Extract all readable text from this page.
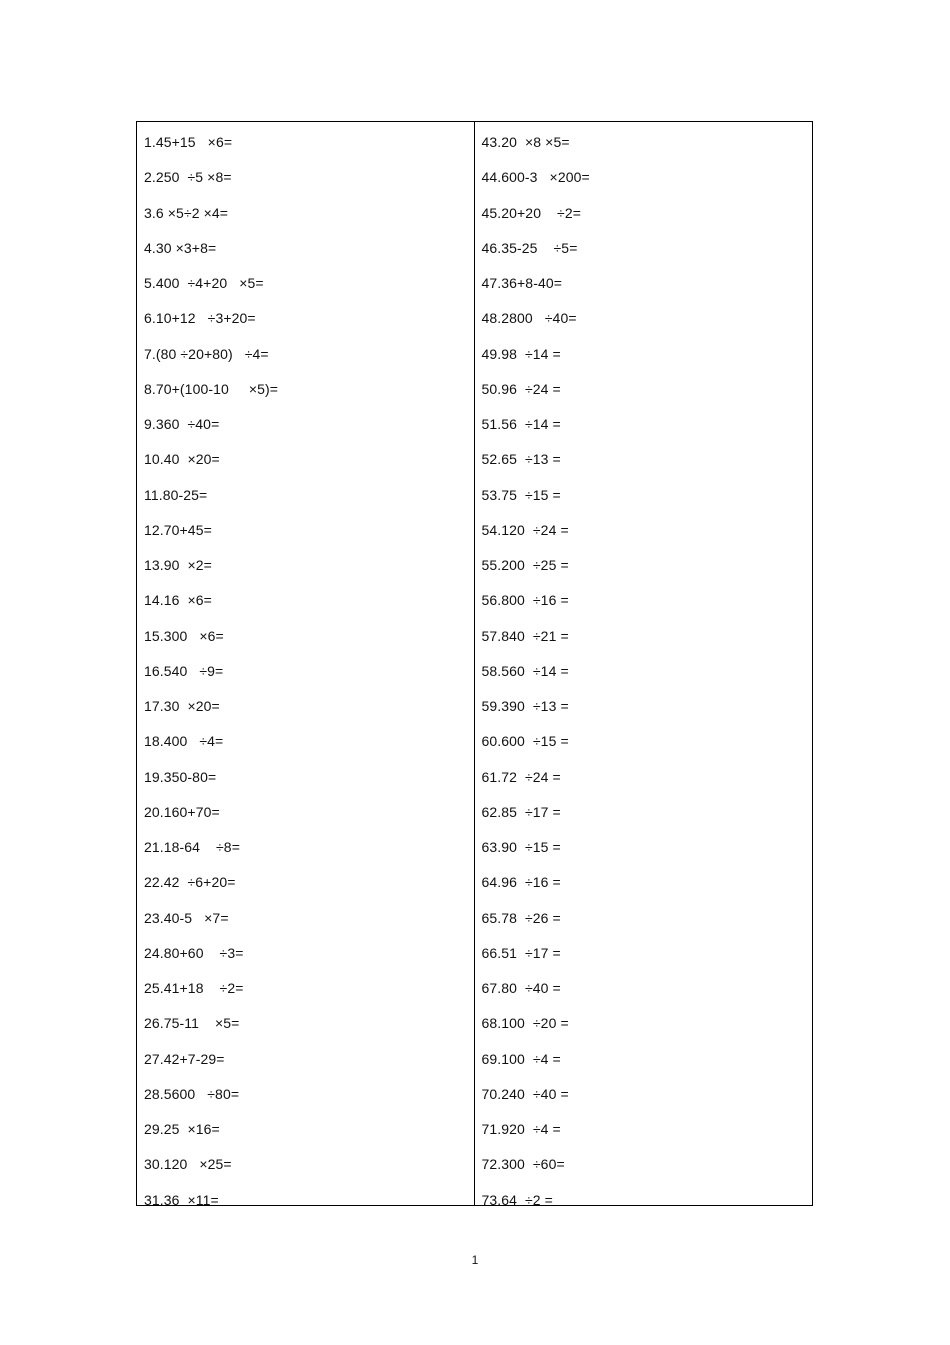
1.45+15   ×6=
2.250  ÷5 ×8=
3.6 ×5÷2 ×4=
4.30 ×3+8=
5.400  ÷4+20   ×5=
6.10+12   ÷3+20=
7.(80 ÷20+80)   ÷4=
8.70+(100-10     ×5)=
9.360  ÷40=
10.40  ×20=
11.80-25=
12.70+45=
13.90  ×2=
14.16  ×6=
15.300   ×6=
16.540   ÷9=
17.30  ×20=
18.400   ÷4=
19.350-80=
20.160+70=
21.18-64    ÷8=
22.42  ÷6+20=
23.40-5   ×7=
24.80+60    ÷3=
25.41+18    ÷2=
26.75-11    ×5=
27.42+7-29=
28.5600   ÷80=
29.25  ×16=
30.120   ×25=
31.36  ×11=
43.20  ×8 ×5=
44.600-3   ×200=
45.20+20    ÷2=
46.35-25    ÷5=
47.36+8-40=
48.2800   ÷40=
49.98  ÷14 =
50.96  ÷24 =
51.56  ÷14 =
52.65  ÷13 =
53.75  ÷15 =
54.120  ÷24 =
55.200  ÷25 =
56.800  ÷16 =
57.840  ÷21 =
58.560  ÷14 =
59.390  ÷13 =
60.600  ÷15 =
61.72  ÷24 =
62.85  ÷17 =
63.90  ÷15 =
64.96  ÷16 =
65.78  ÷26 =
66.51  ÷17 =
67.80  ÷40 =
68.100  ÷20 =
69.100  ÷4 =
70.240  ÷40 =
71.920  ÷4 =
72.300  ÷60=
73.64  ÷2 =
1
